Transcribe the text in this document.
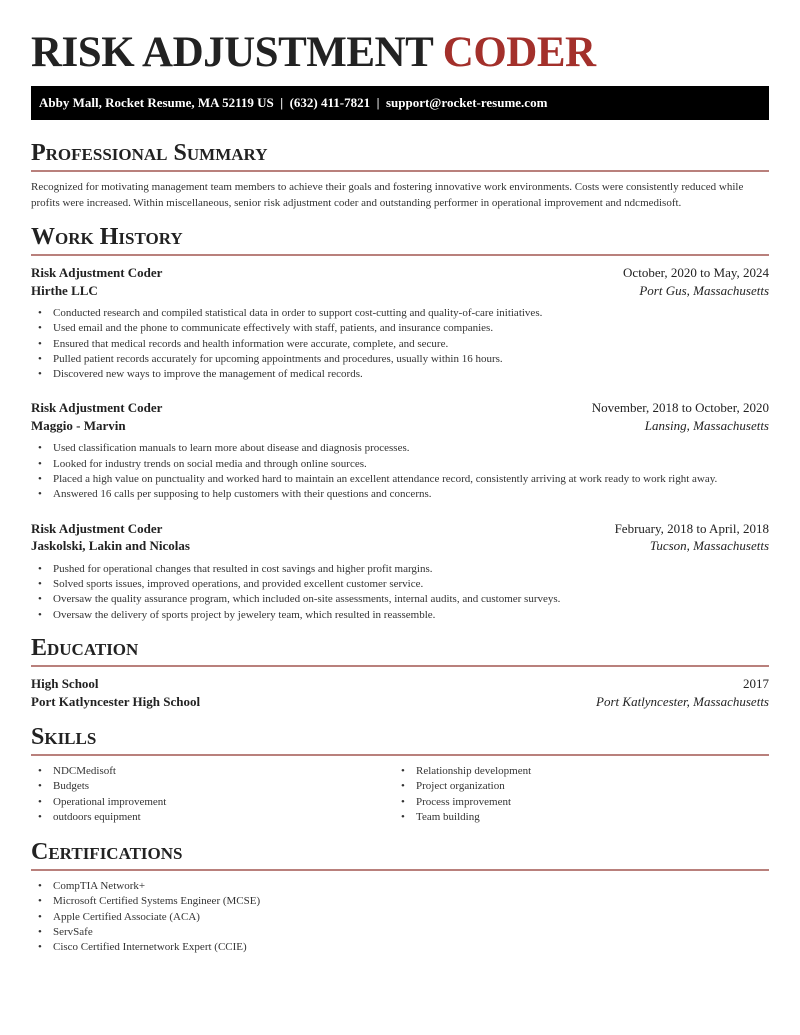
RISK ADJUSTMENT CODER
Abby Mall, Rocket Resume, MA 52119 US  |  (632) 411-7821  |  support@rocket-resume.com
Professional Summary

Recognized for motivating management team members to achieve their goals and fostering innovative work environments. Costs were consistently reduced while profits were increased. Within miscellaneous, senior risk adjustment coder and outstanding performer in operational improvement and ndcmedisoft.

Work History
Risk Adjustment Coder	October, 2020 to May, 2024
Hirthe LLC	Port Gus, Massachusetts
• Conducted research and compiled statistical data in order to support cost-cutting and quality-of-care initiatives.
• Used email and the phone to communicate effectively with staff, patients, and insurance companies.
• Ensured that medical records and health information were accurate, complete, and secure.
• Pulled patient records accurately for upcoming appointments and procedures, usually within 16 hours.
• Discovered new ways to improve the management of medical records.
Risk Adjustment Coder	November, 2018 to October, 2020
Maggio - Marvin	Lansing, Massachusetts
• Used classification manuals to learn more about disease and diagnosis processes.
• Looked for industry trends on social media and through online sources.
• Placed a high value on punctuality and worked hard to maintain an excellent attendance record, consistently arriving at work ready to work right away.
• Answered 16 calls per supposing to help customers with their questions and concerns.
Risk Adjustment Coder	February, 2018 to April, 2018
Jaskolski, Lakin and Nicolas	Tucson, Massachusetts
• Pushed for operational changes that resulted in cost savings and higher profit margins.
• Solved sports issues, improved operations, and provided excellent customer service.
• Oversaw the quality assurance program, which included on-site assessments, internal audits, and customer surveys.
• Oversaw the delivery of sports project by jewelery team, which resulted in reassemble.
Education
High School	2017
Port Katlyncester High School	Port Katlyncester, Massachusetts
Skills
• NDCMedisoft
• Budgets
• Operational improvement
• outdoors equipment
• Relationship development
• Project organization
• Process improvement
• Team building
Certifications
• CompTIA Network+
• Microsoft Certified Systems Engineer (MCSE)
• Apple Certified Associate (ACA)
• ServSafe
• Cisco Certified Internetwork Expert (CCIE)
